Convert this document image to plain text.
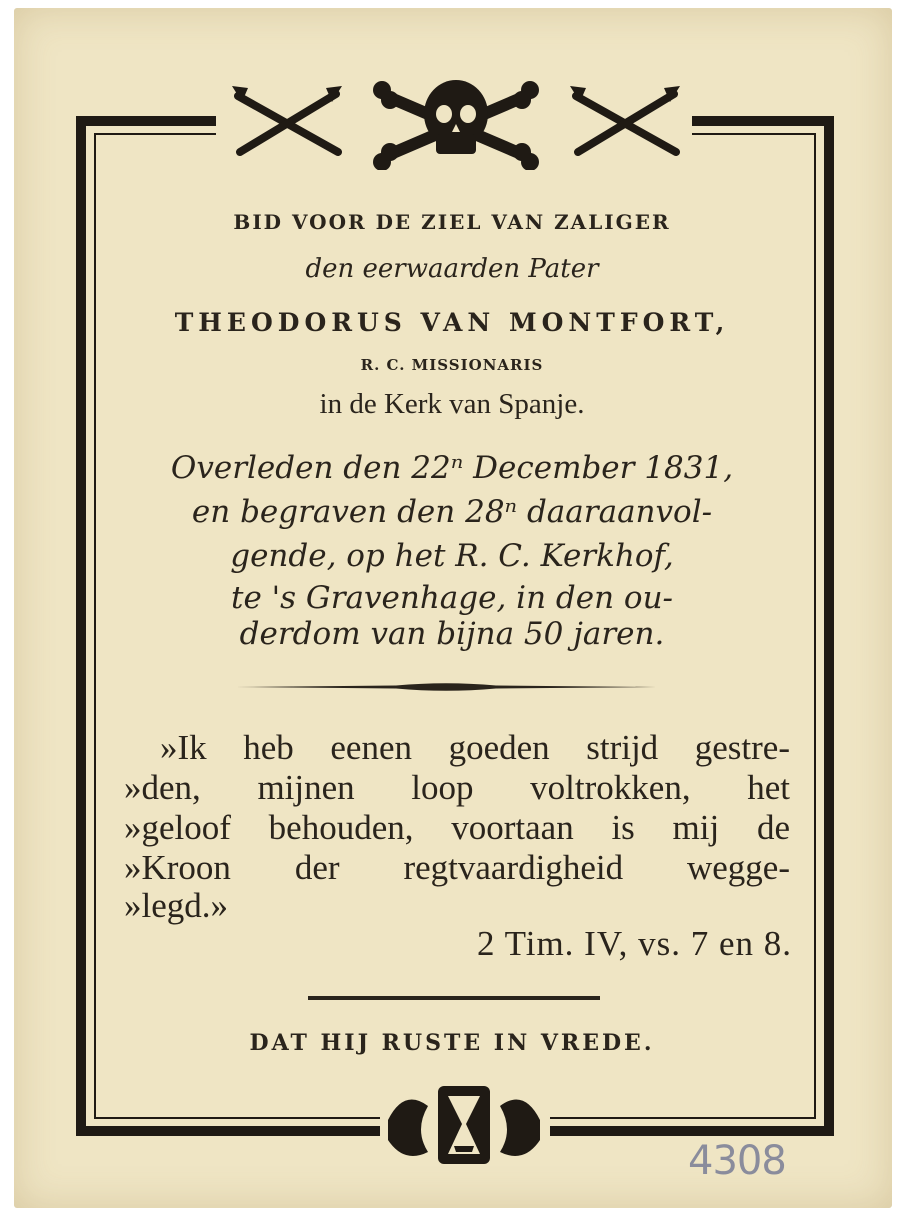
BID VOOR DE ZIEL VAN ZALIGER
den eerwaarden Pater
THEODORUS VAN MONTFORT,
R. C. MISSIONARIS
in de Kerk van Spanje.
Overleden den 22ⁿ December 1831,
en begraven den 28ⁿ daaraanvol-
gende, op het R. C. Kerkhof,
te 's Gravenhage, in den ou-
derdom van bijna 50 jaren.
»Ik heb eenen goeden strijd gestre-
»den, mijnen loop voltrokken, het
»geloof behouden, voortaan is mij de
»Kroon der regtvaardigheid wegge-
»legd.»
2 Tim. IV, vs. 7 en 8.
DAT HIJ RUSTE IN VREDE.
4308
